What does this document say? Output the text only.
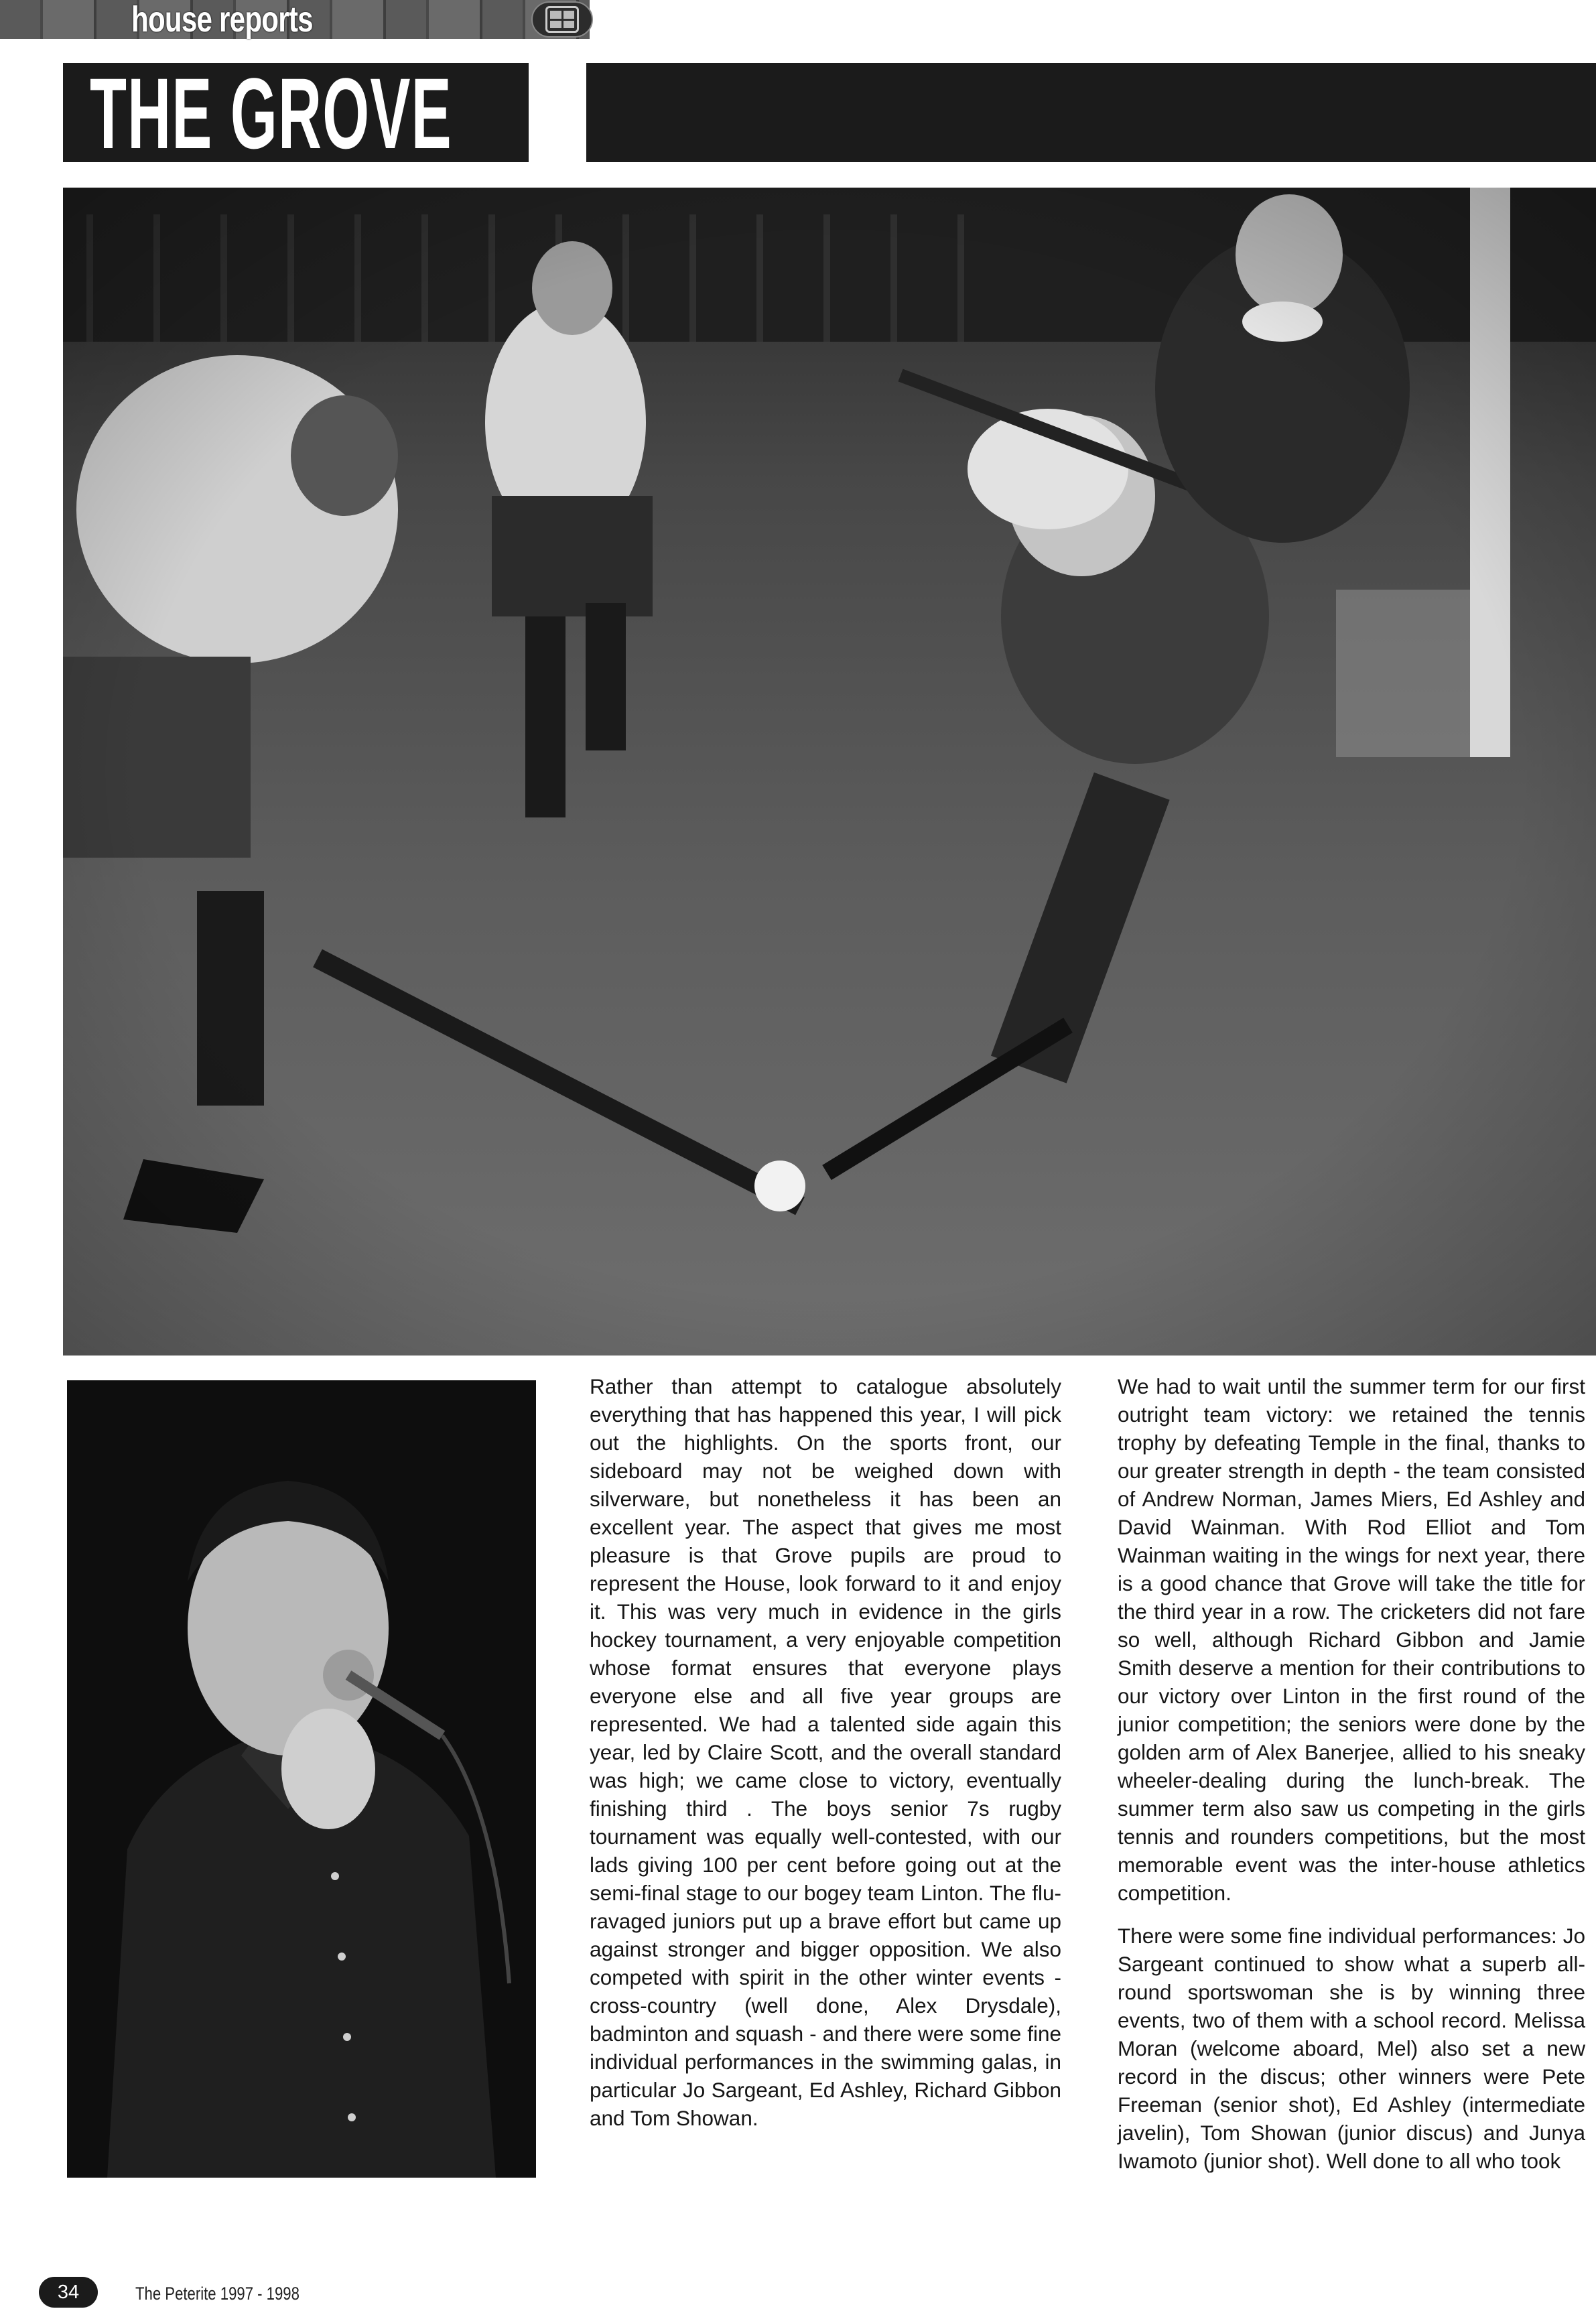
house reports
THE GROVE

Rather than attempt to catalogue absolutely everything that has happened this year, I will pick out the highlights. On the sports front, our sideboard may not be weighed down with silverware, but nonetheless it has been an excellent year. The aspect that gives me most pleasure is that Grove pupils are proud to represent the House, look forward to it and enjoy it. This was very much in evidence in the girls hockey tournament, a very enjoyable competition whose format ensures that everyone plays everyone else and all five year groups are represented. We had a talented side again this year, led by Claire Scott, and the overall standard was high; we came close to victory, eventually finishing third . The boys senior 7s rugby tournament was equally well-contested, with our lads giving 100 per cent before going out at the semi-final stage to our bogey team Linton. The flu-ravaged juniors put up a brave effort but came up against stronger and bigger opposition. We also competed with spirit in the other winter events - cross-country (well done, Alex Drysdale), badminton and squash - and there were some fine individual performances in the swimming galas, in particular Jo Sargeant, Ed Ashley, Richard Gibbon and Tom Showan.

We had to wait until the summer term for our first outright team victory: we retained the tennis trophy by defeating Temple in the final, thanks to our greater strength in depth - the team consisted of Andrew Norman, James Miers, Ed Ashley and David Wainman. With Rod Elliot and Tom Wainman waiting in the wings for next year, there is a good chance that Grove will take the title for the third year in a row. The cricketers did not fare so well, although Richard Gibbon and Jamie Smith deserve a mention for their contributions to our victory over Linton in the first round of the junior competition; the seniors were done by the golden arm of Alex Banerjee, allied to his sneaky wheeler-dealing during the lunch-break. The summer term also saw us competing in the girls tennis and rounders competitions, but the most memorable event was the inter-house athletics competition.

There were some fine individual performances: Jo Sargeant continued to show what a superb all-round sportswoman she is by winning three events, two of them with a school record. Melissa Moran (welcome aboard, Mel) also set a new record in the discus; other winners were Pete Freeman (senior shot), Ed Ashley (intermediate javelin), Tom Showan (junior discus) and Junya Iwamoto (junior shot). Well done to all who took

34	The Peterite 1997 - 1998
